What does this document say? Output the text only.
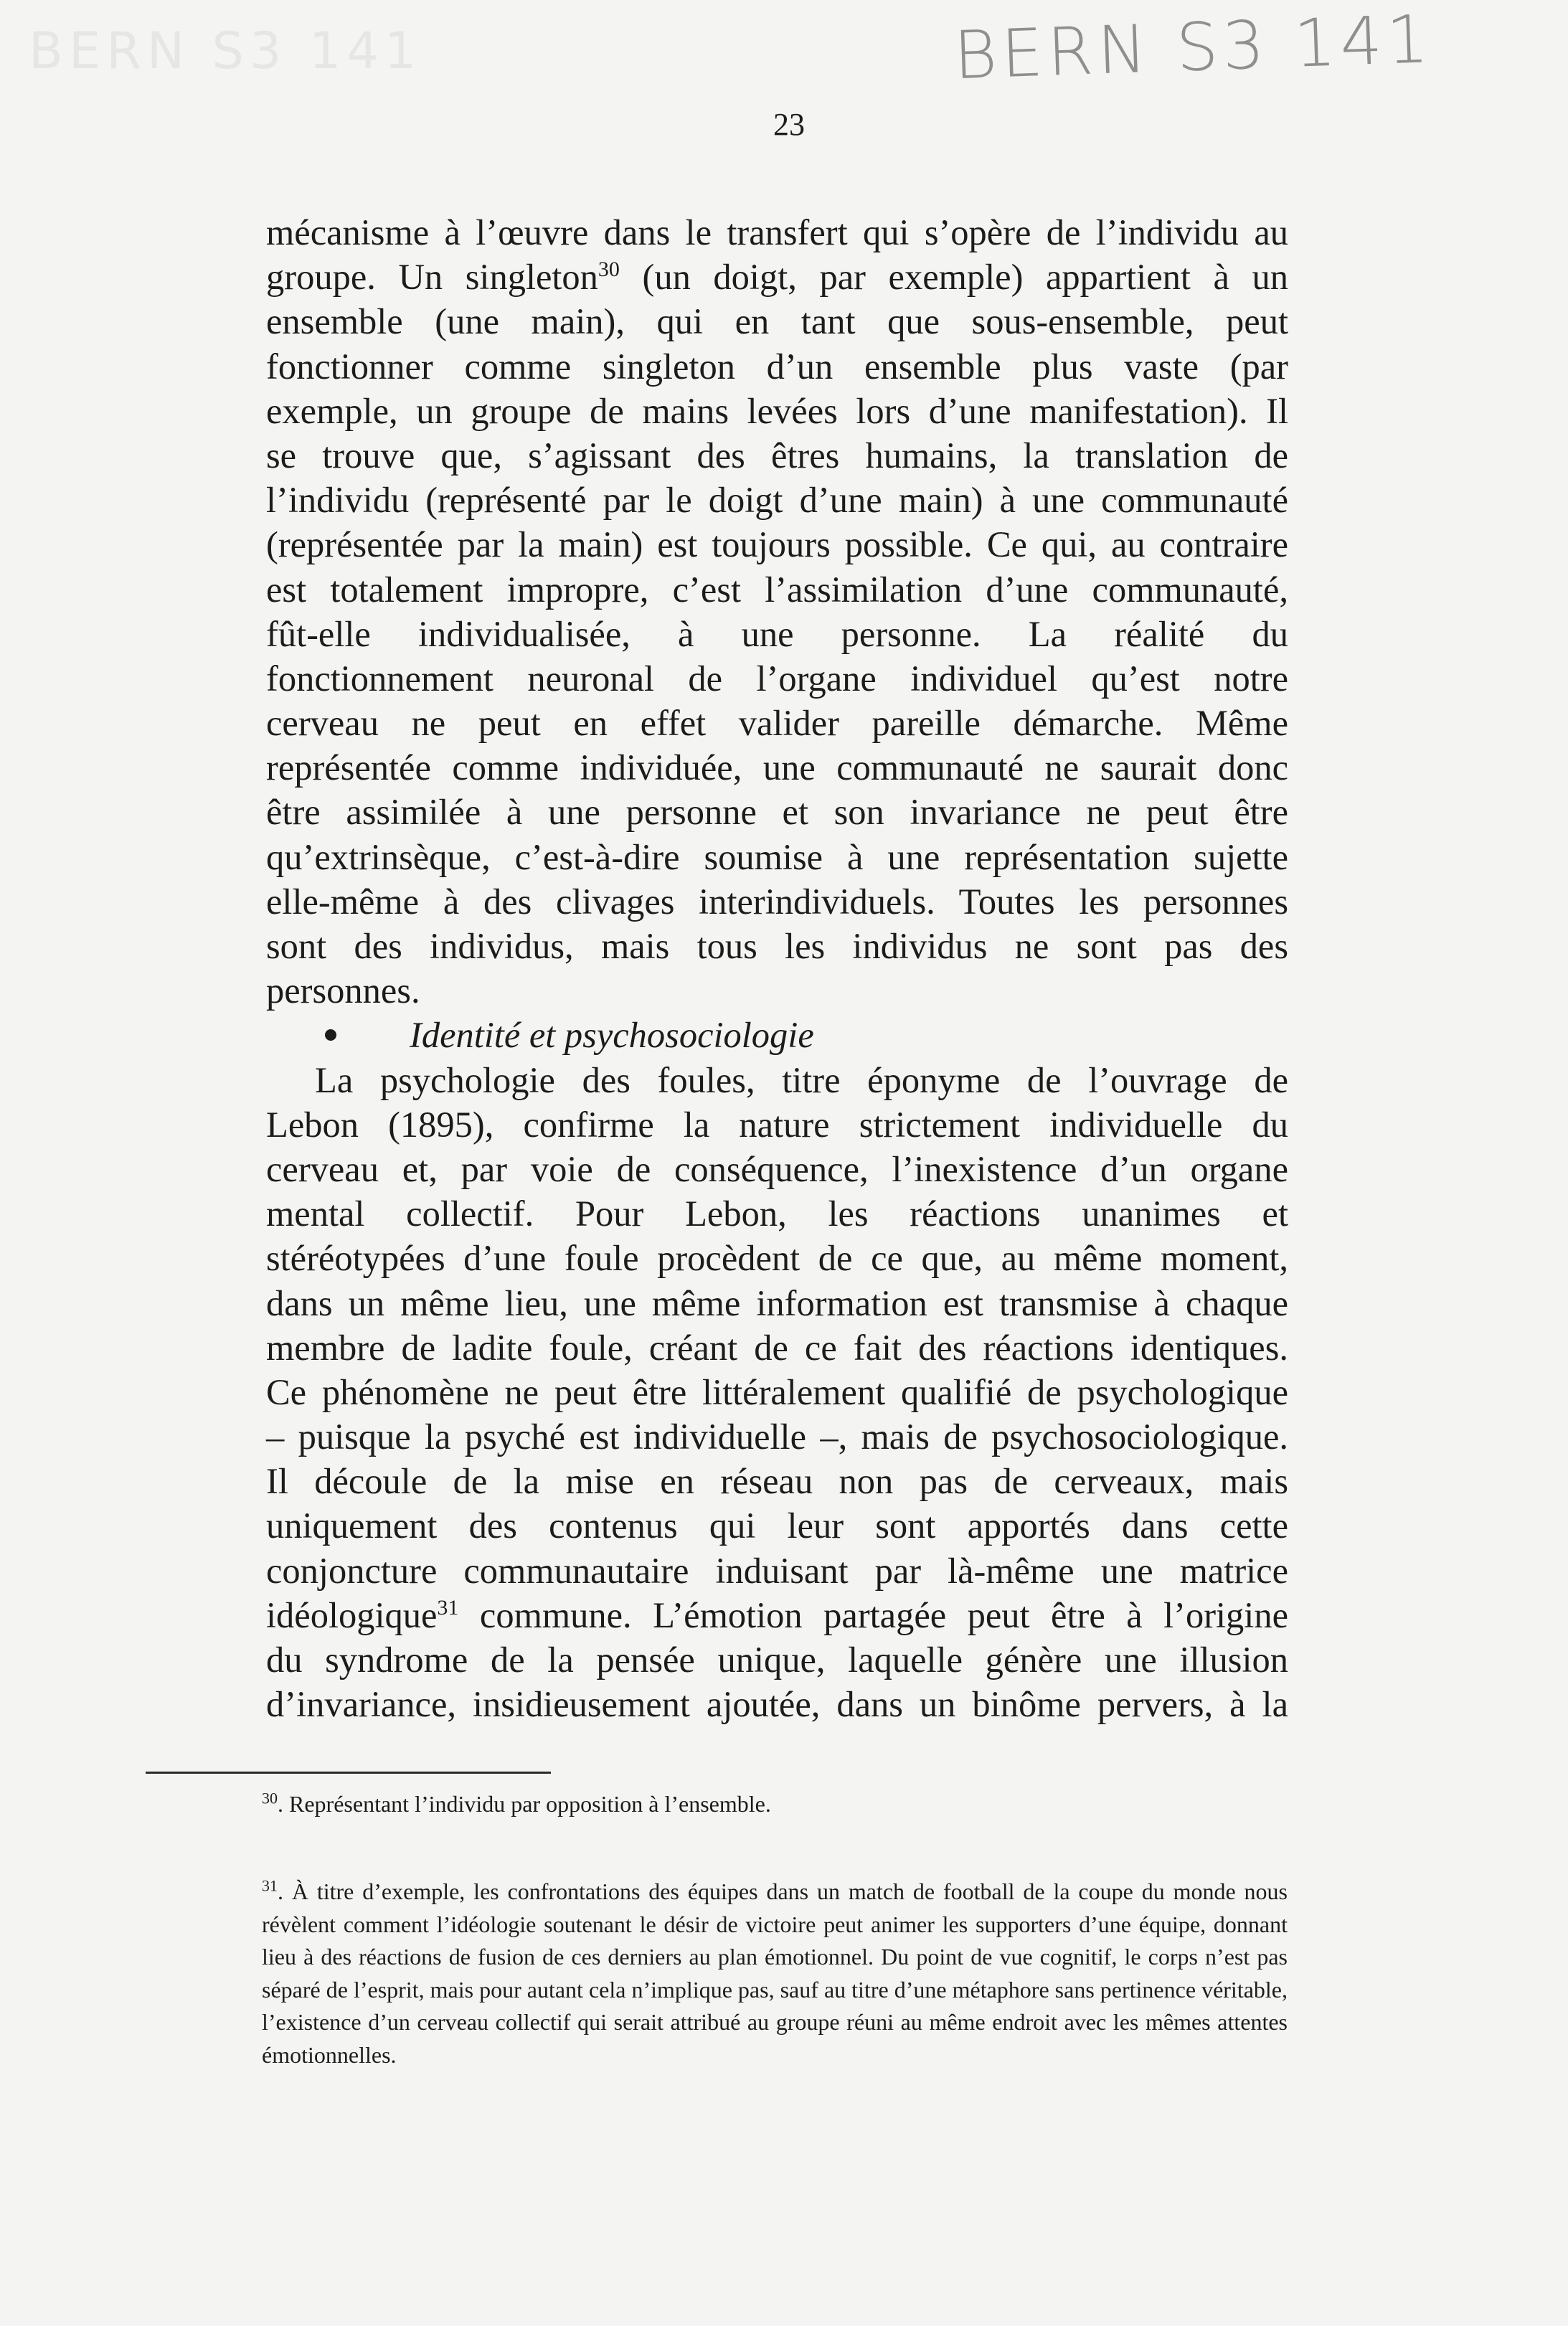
BERN S3 141	BERN S3 141
23
mécanisme à l’œuvre dans le transfert qui s’opère de l’individu au
groupe. Un singleton$^{30}$ (un doigt, par exemple) appartient à un
ensemble (une main), qui en tant que sous-ensemble, peut
fonctionner comme singleton d’un ensemble plus vaste (par
exemple, un groupe de mains levées lors d’une manifestation). Il
se trouve que, s’agissant des êtres humains, la translation de
l’individu (représenté par le doigt d’une main) à une communauté
(représentée par la main) est toujours possible. Ce qui, au contraire
est totalement impropre, c’est l’assimilation d’une communauté,
fût-elle individualisée, à une personne. La réalité du
fonctionnement neuronal de l’organe individuel qu’est notre
cerveau ne peut en effet valider pareille démarche. Même
représentée comme individuée, une communauté ne saurait donc
être assimilée à une personne et son invariance ne peut être
qu’extrinsèque, c’est-à-dire soumise à une représentation sujette
elle-même à des clivages interindividuels. Toutes les personnes
sont des individus, mais tous les individus ne sont pas des
personnes.
Identité et psychosociologie
La psychologie des foules, titre éponyme de l’ouvrage de
Lebon (1895), confirme la nature strictement individuelle du
cerveau et, par voie de conséquence, l’inexistence d’un organe
mental collectif. Pour Lebon, les réactions unanimes et
stéréotypées d’une foule procèdent de ce que, au même moment,
dans un même lieu, une même information est transmise à chaque
membre de ladite foule, créant de ce fait des réactions identiques.
Ce phénomène ne peut être littéralement qualifié de psychologique
– puisque la psyché est individuelle –, mais de psychosociologique.
Il découle de la mise en réseau non pas de cerveaux, mais
uniquement des contenus qui leur sont apportés dans cette
conjoncture communautaire induisant par là-même une matrice
idéologique$^{31}$ commune. L’émotion partagée peut être à l’origine
du syndrome de la pensée unique, laquelle génère une illusion
d’invariance, insidieusement ajoutée, dans un binôme pervers, à la
$^{30}$. Représentant l’individu par opposition à l’ensemble.
$^{31}$. À titre d’exemple, les confrontations des équipes dans un match de football de la coupe du monde nous révèlent comment l’idéologie soutenant le désir de victoire peut animer les supporters d’une équipe, donnant lieu à des réactions de fusion de ces derniers au plan émotionnel. Du point de vue cognitif, le corps n’est pas séparé de l’esprit, mais pour autant cela n’implique pas, sauf au titre d’une métaphore sans pertinence véritable, l’existence d’un cerveau collectif qui serait attribué au groupe réuni au même endroit avec les mêmes attentes émotionnelles.
